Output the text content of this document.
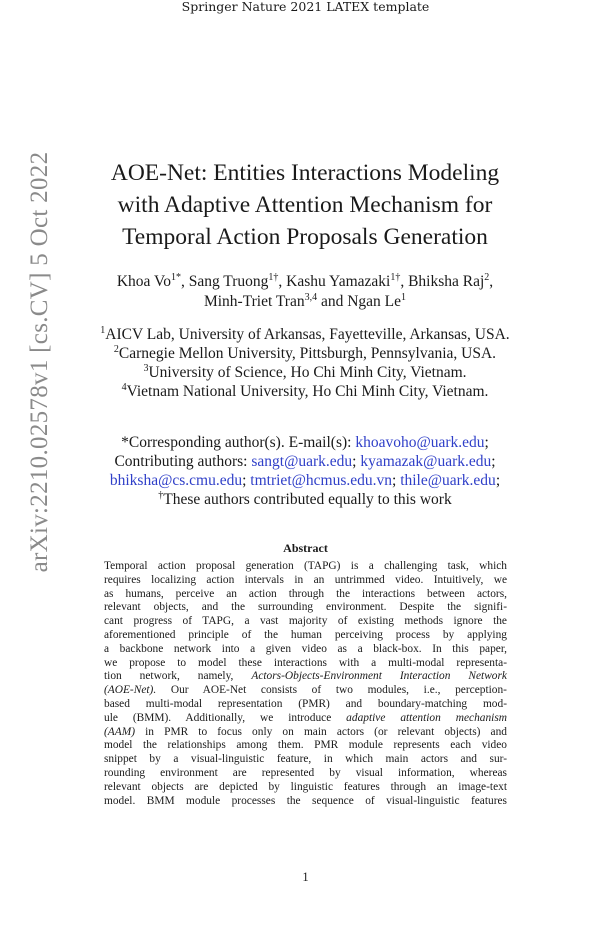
Springer Nature 2021 LATEX template
arXiv:2210.02578v1 [cs.CV] 5 Oct 2022	AOE-Net: Entities Interactions Modeling
with Adaptive Attention Mechanism for
Temporal Action Proposals Generation
Khoa $Vo^{1*}$, Sang Truong$^{1\dagger}$, Kashu Yamazaki$^{1\dagger}$, Bhiksha Raj$^2$,
Minh-Triet Tran$^{3,4}$ and Ngan Le$^1$
$^1$AICV Lab, University of Arkansas, Fayetteville, Arkansas, USA.
$^2$Carnegie Mellon University, Pittsburgh, Pennsylvania, USA.
$^3$University of Science, Ho Chi Minh City, Vietnam.
$^4$Vietnam National University, Ho Chi Minh City, Vietnam.
*Corresponding author(s). E-mail(s): khoavoho@uark.edu;
Contributing authors: sangt@uark.edu; kyamazak@uark.edu;
bhiksha@cs.cmu.edu; tmtriet@hcmus.edu.vn; thile@uark.edu;
†These authors contributed equally to this work
Abstract
Temporal action proposal generation (TAPG) is a challenging task, which
requires localizing action intervals in an untrimmed video. Intuitively, we
as humans, perceive an action through the interactions between actors,
relevant objects, and the surrounding environment. Despite the signifi-
cant progress of TAPG, a vast majority of existing methods ignore the
aforementioned principle of the human perceiving process by applying
a backbone network into a given video as a black-box. In this paper,
we propose to model these interactions with a multi-modal representa-
tion network, namely, Actors-Objects-Environment Interaction Network
(AOE-Net). Our AOE-Net consists of two modules, i.e., perception-
based multi-modal representation (PMR) and boundary-matching mod-
ule (BMM). Additionally, we introduce adaptive attention mechanism
(AAM) in PMR to focus only on main actors (or relevant objects) and
model the relationships among them. PMR module represents each video
snippet by a visual-linguistic feature, in which main actors and sur-
rounding environment are represented by visual information, whereas
relevant objects are depicted by linguistic features through an image-text
model. BMM module processes the sequence of visual-linguistic features
1
